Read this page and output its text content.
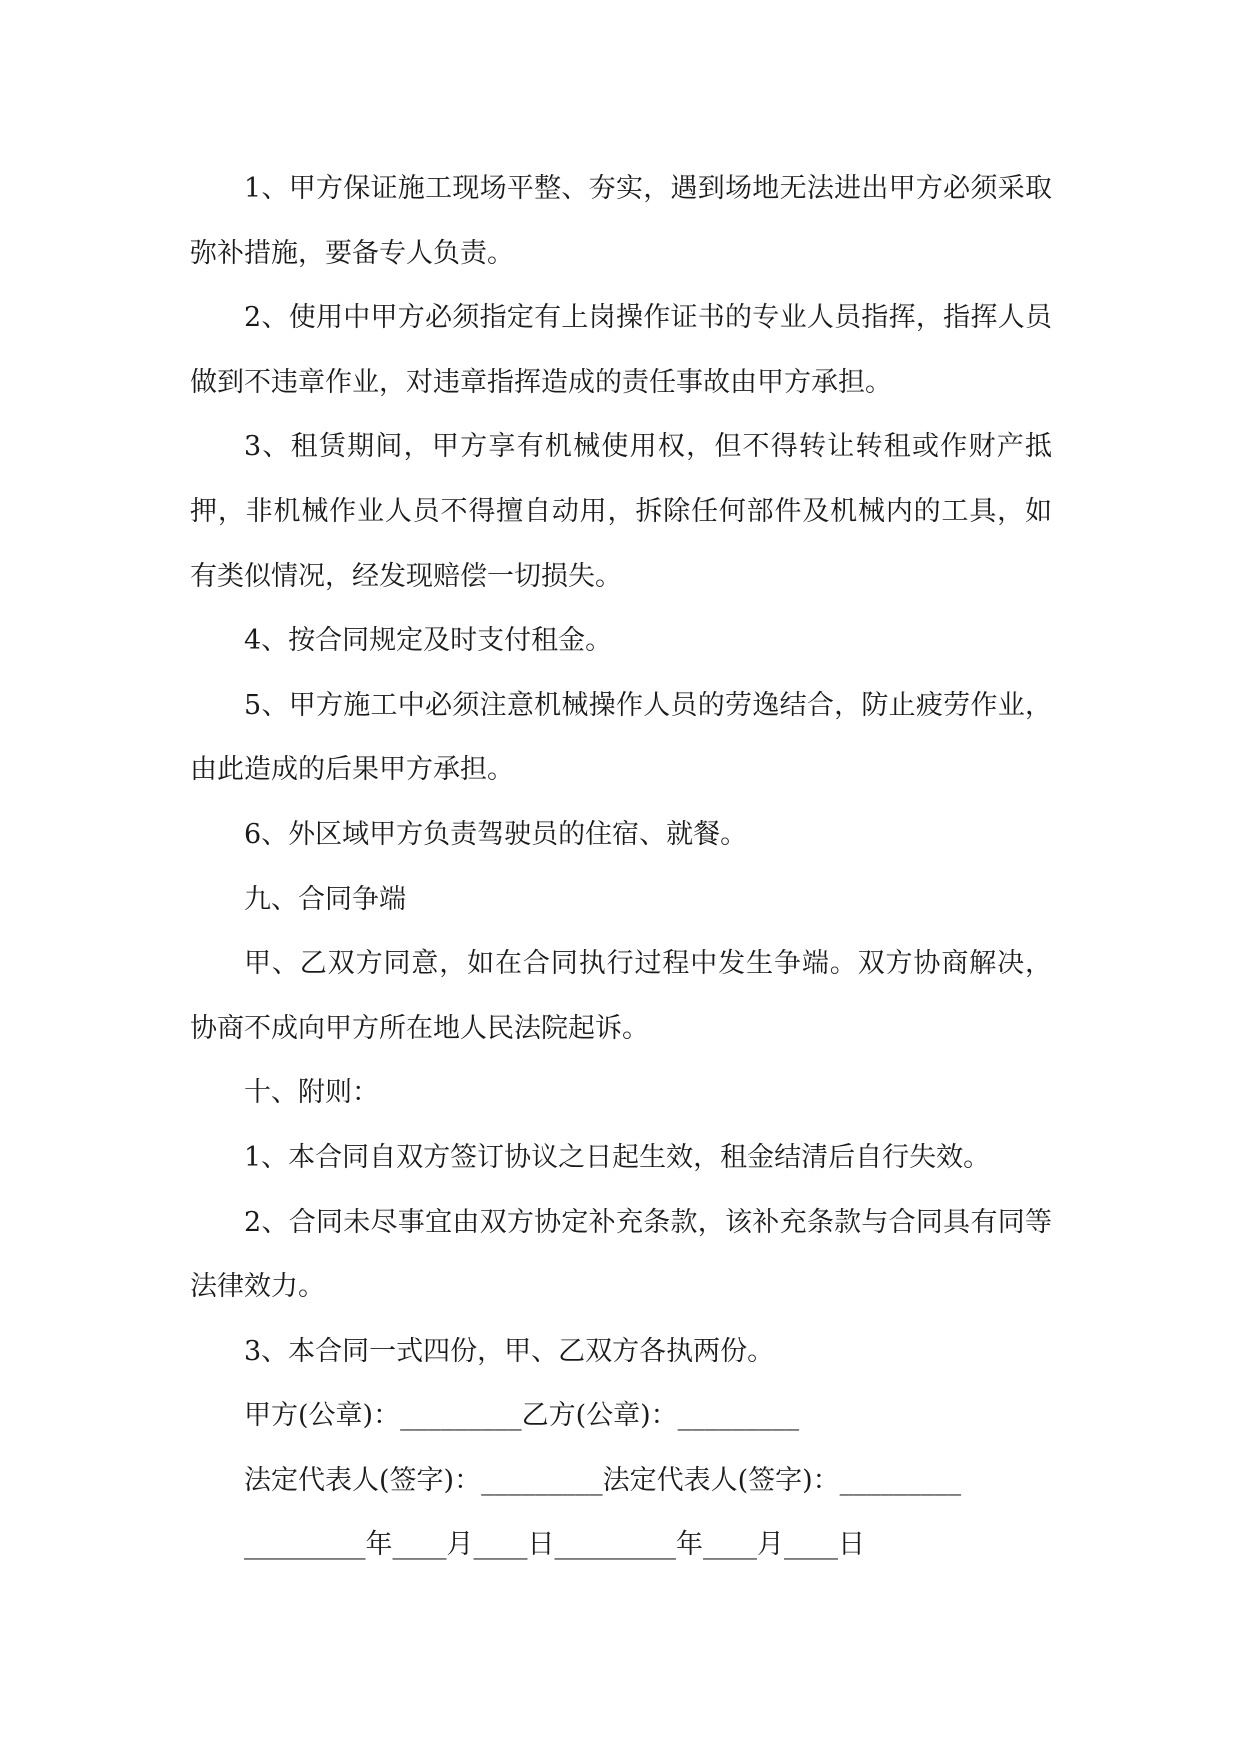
1、甲方保证施工现场平整、夯实，遇到场地无法进出甲方必须采取弥补措施，要备专人负责。

2、使用中甲方必须指定有上岗操作证书的专业人员指挥，指挥人员做到不违章作业，对违章指挥造成的责任事故由甲方承担。

3、租赁期间，甲方享有机械使用权，但不得转让转租或作财产抵押，非机械作业人员不得擅自动用，拆除任何部件及机械内的工具，如有类似情况，经发现赔偿一切损失。

4、按合同规定及时支付租金。

5、甲方施工中必须注意机械操作人员的劳逸结合，防止疲劳作业，由此造成的后果甲方承担。

6、外区域甲方负责驾驶员的住宿、就餐。

九、合同争端

甲、乙双方同意，如在合同执行过程中发生争端。双方协商解决，协商不成向甲方所在地人民法院起诉。

十、附则：

1、本合同自双方签订协议之日起生效，租金结清后自行失效。

2、合同未尽事宜由双方协定补充条款，该补充条款与合同具有同等法律效力。

3、本合同一式四份，甲、乙双方各执两份。

甲方(公章)：_________乙方(公章)：_________

法定代表人(签字)：_________法定代表人(签字)：_________

_________年____月____日_________年____月____日
